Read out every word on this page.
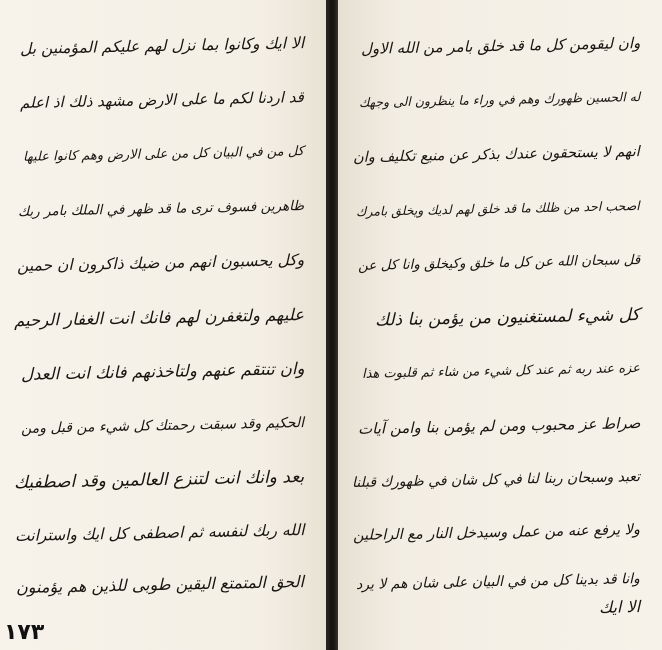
الا ايك وكانوا بما نزل لهم عليكم المؤمنين بل
قد اردنا لكم ما على الارض مشهد ذلك اذ اعلم
كل من في البيان كل من على الارض وهم كانوا عليها
ظاهرين فسوف ترى ما قد ظهر في الملك بامر ربك
وكل يحسبون انهم من ضيك ذاكرون ان حمين
عليهم ولتغفرن لهم فانك انت الغفار الرحيم
وان تنتقم عنهم ولتاخذنهم فانك انت العدل
الحكيم وقد سبقت رحمتك كل شيء من قبل ومن
بعد وانك انت لتنزع العالمين وقد اصطفيك
الله ربك لنفسه ثم اصطفى كل ايك واسترانت
الحق المتمتع اليقين طوبى للذين هم يؤمنون
۱۷۳
وان ليقومن كل ما قد خلق بامر من الله الاول
له الحسين ظهورك وهم في وراء ما ينظرون الى وجهك
انهم لا يستحقون عندك بذكر عن منيع تكليف وان
اصحب احد من ظلك ما قد خلق لهم لديك ويخلق بامرك
قل سبحان الله عن كل ما خلق وكيخلق وانا كل عن
كل شيء لمستغنيون من يؤمن بنا ذلك
عزه عند ربه ثم عند كل شيء من شاء ثم قلبوت هذا
صراط عز محبوب ومن لم يؤمن بنا وامن آيات
تعبد وسبحان ربنا لنا في كل شان في ظهورك قبلنا
ولا يرفع عنه من عمل وسيدخل النار مع الراحلين
وانا قد بدينا كل من في البيان على شان هم لا يرد
الا ايك
